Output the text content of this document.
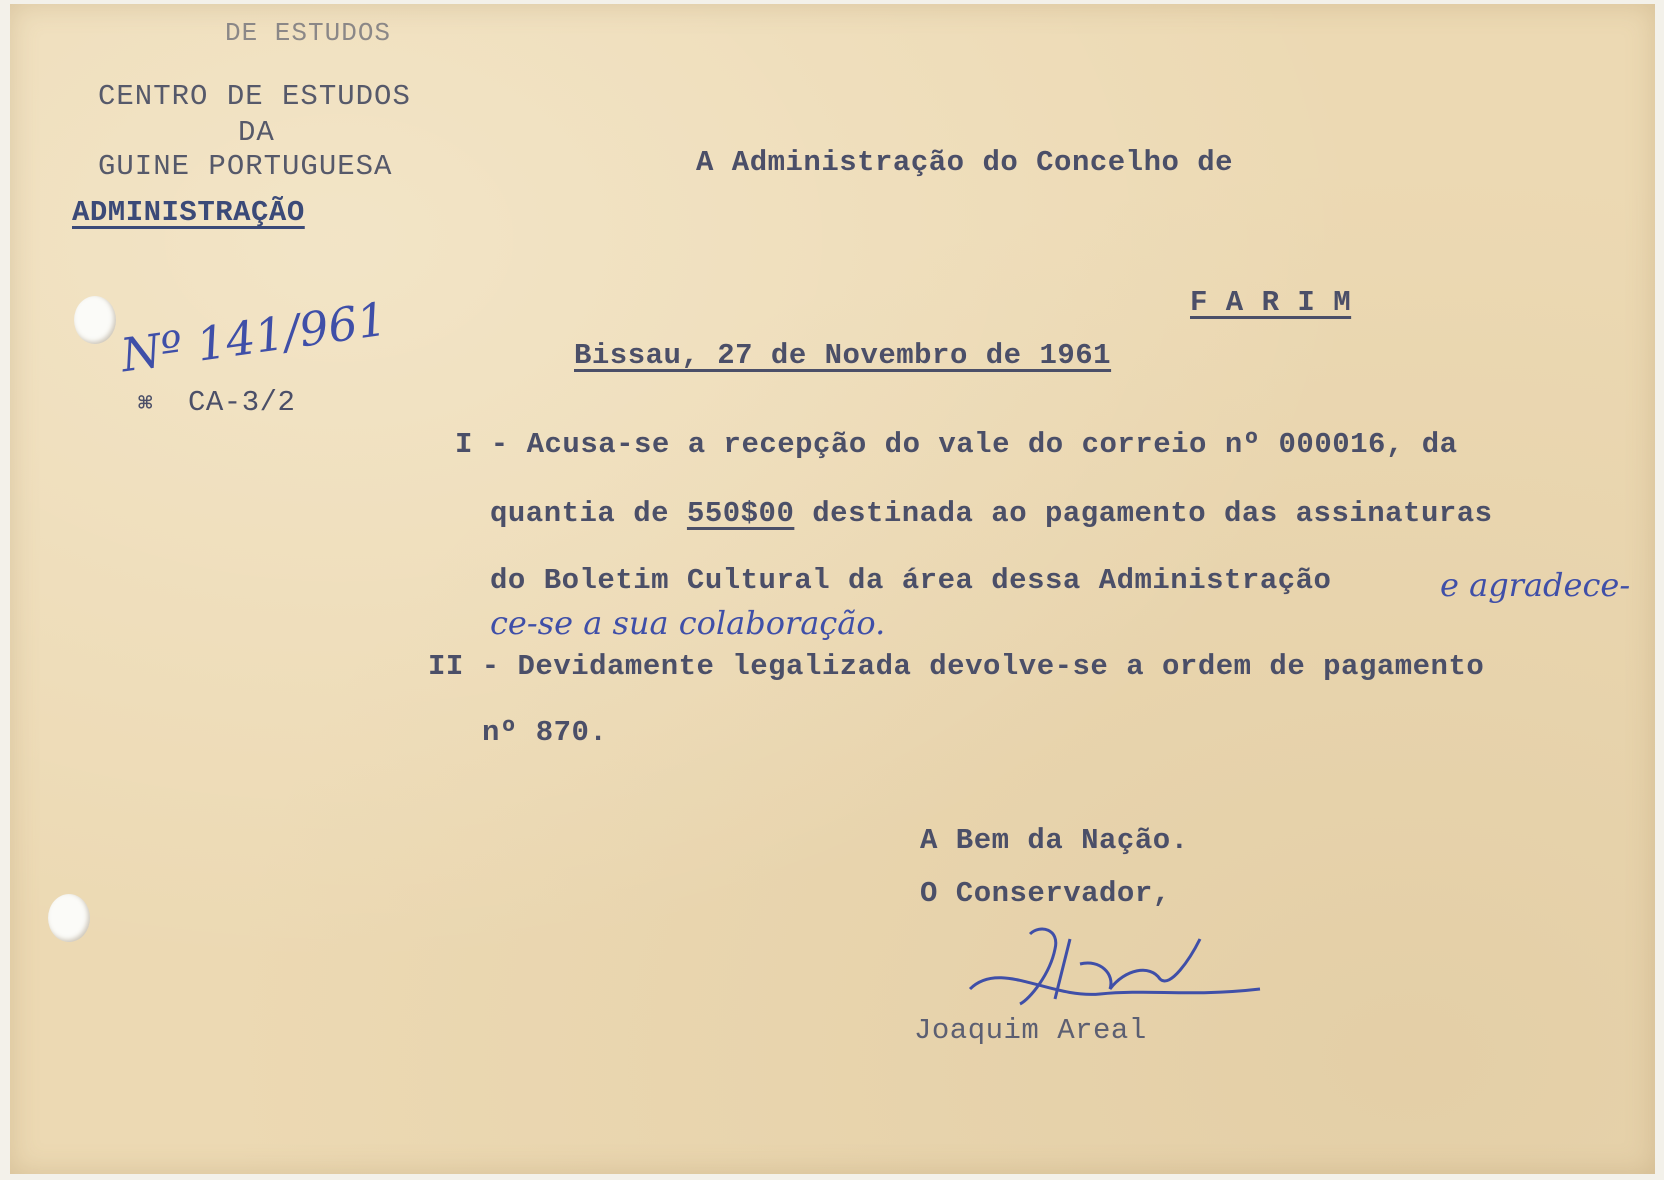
DE ESTUDOS
CENTRO DE ESTUDOS
DA
GUINE PORTUGUESA
ADMINISTRAÇÃO
Nº 141/961
⌘ CA-3/2
A Administração do Concelho de
F A R I M
Bissau, 27 de Novembro de 1961
I - Acusa-se a recepção do vale do correio nº 000016, da
quantia de 550$00 destinada ao pagamento das assinaturas
do Boletim Cultural da área dessa Administração	e agradece-
ce-se a sua colaboração.
II - Devidamente legalizada devolve-se a ordem de pagamento
nº 870.
A Bem da Nação.
O Conservador,
Joaquim Areal
